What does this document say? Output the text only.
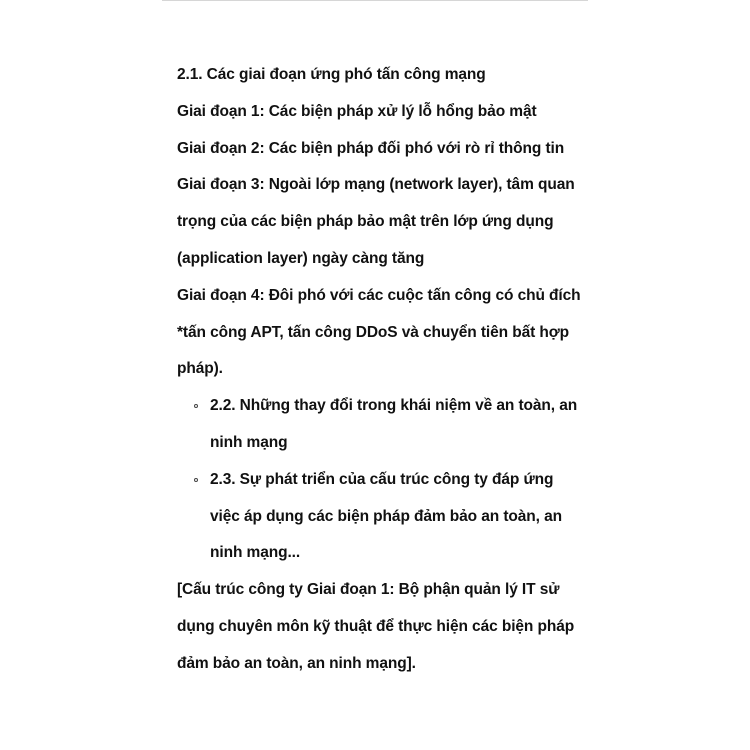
2.1. Các giai đoạn ứng phó tấn công mạng
Giai đoạn 1: Các biện pháp xử lý lỗ hổng bảo mật
Giai đoạn 2: Các biện pháp đối phó với rò rỉ thông tin
Giai đoạn 3: Ngoài lớp mạng (network layer), tâm quan
trọng của các biện pháp bảo mật trên lớp ứng dụng
(application layer) ngày càng tăng
Giai đoạn 4: Đôi phó với các cuộc tấn công có chủ đích
*tấn công APT, tấn công DDoS và chuyển tiên bất hợp
pháp).
2.2. Những thay đổi trong khái niệm về an toàn, an
ninh mạng
2.3. Sự phát triển của cấu trúc công ty đáp ứng
việc áp dụng các biện pháp đảm bảo an toàn, an
ninh mạng...
[Cấu trúc công ty Giai đoạn 1: Bộ phận quản lý IT sử
dụng chuyên môn kỹ thuật để thực hiện các biện pháp
đảm bảo an toàn, an ninh mạng].
